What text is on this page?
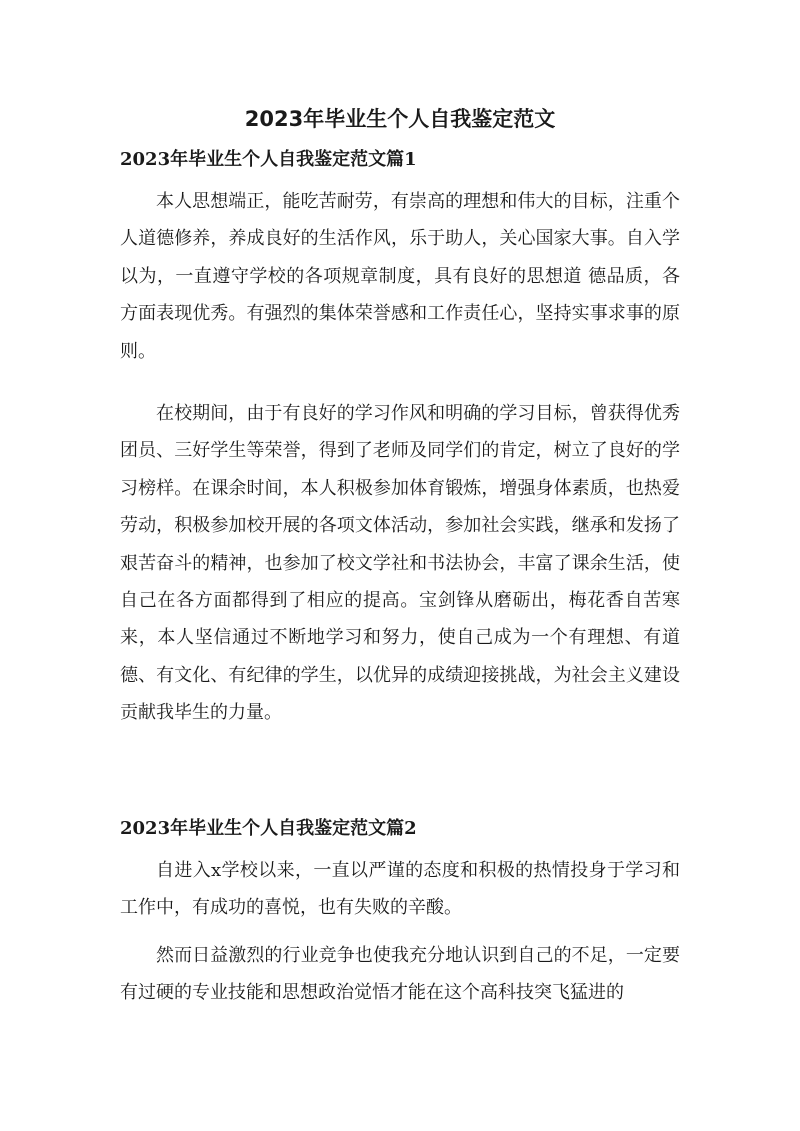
2023年毕业生个人自我鉴定范文
2023年毕业生个人自我鉴定范文篇1

本人思想端正，能吃苦耐劳，有崇高的理想和伟大的目标，注重个人道德修养，养成良好的生活作风，乐于助人，关心国家大事。自入学以为，一直遵守学校的各项规章制度，具有良好的思想道 德品质，各方面表现优秀。有强烈的集体荣誉感和工作责任心，坚持实事求事的原则。

在校期间，由于有良好的学习作风和明确的学习目标，曾获得优秀团员、三好学生等荣誉，得到了老师及同学们的肯定，树立了良好的学习榜样。在课余时间，本人积极参加体育锻炼，增强身体素质，也热爱劳动，积极参加校开展的各项文体活动，参加社会实践，继承和发扬了艰苦奋斗的精神，也参加了校文学社和书法协会，丰富了课余生活，使自己在各方面都得到了相应的提高。宝剑锋从磨砺出，梅花香自苦寒来，本人坚信通过不断地学习和努力，使自己成为一个有理想、有道德、有文化、有纪律的学生，以优异的成绩迎接挑战，为社会主义建设贡献我毕生的力量。

2023年毕业生个人自我鉴定范文篇2

自进入x学校以来，一直以严谨的态度和积极的热情投身于学习和工作中，有成功的喜悦，也有失败的辛酸。

然而日益激烈的行业竞争也使我充分地认识到自己的不足，一定要有过硬的专业技能和思想政治觉悟才能在这个高科技突飞猛进的
